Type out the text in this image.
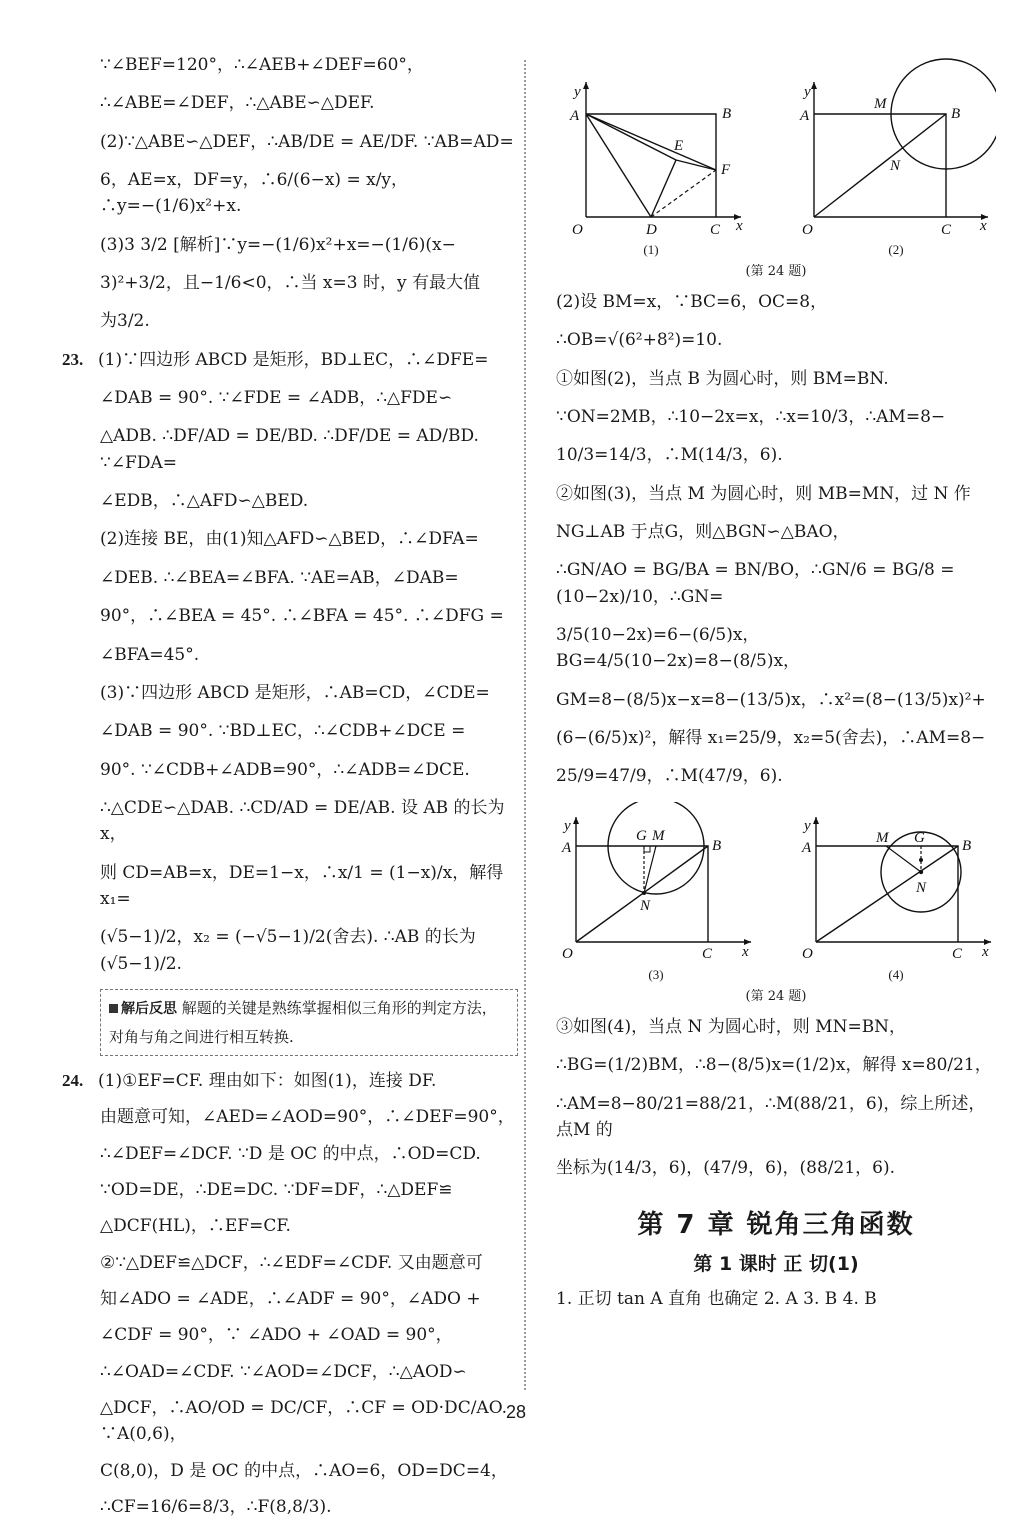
∵∠BEF=120°，∴∠AEB+∠DEF=60°，

∴∠ABE=∠DEF，∴△ABE∽△DEF.

(2)∵△ABE∽△DEF，∴AB/DE = AE/DF. ∵AB=AD=

6，AE=x，DF=y，∴6/(6−x) = x/y，∴y=−(1/6)x²+x.

(3)3 3/2 [解析]∵y=−(1/6)x²+x=−(1/6)(x−

3)²+3/2，且−1/6<0，∴当 x=3 时，y 有最大值

为3/2.

23. (1)∵四边形 ABCD 是矩形，BD⊥EC，∴∠DFE=

∠DAB = 90°. ∵∠FDE = ∠ADB，∴△FDE∽

△ADB. ∴DF/AD = DE/BD. ∴DF/DE = AD/BD. ∵∠FDA=

∠EDB，∴△AFD∽△BED.

(2)连接 BE，由(1)知△AFD∽△BED，∴∠DFA=

∠DEB. ∴∠BEA=∠BFA. ∵AE=AB，∠DAB=

90°，∴∠BEA = 45°. ∴∠BFA = 45°. ∴∠DFG =

∠BFA=45°.

(3)∵四边形 ABCD 是矩形，∴AB=CD，∠CDE=

∠DAB = 90°. ∵BD⊥EC，∴∠CDB+∠DCE =

90°. ∵∠CDB+∠ADB=90°，∴∠ADB=∠DCE.

∴△CDE∽△DAB. ∴CD/AD = DE/AB. 设 AB 的长为 x，

则 CD=AB=x，DE=1−x，∴x/1 = (1−x)/x，解得 x₁=

(√5−1)/2，x₂ = (−√5−1)/2(舍去). ∴AB 的长为(√5−1)/2.

解后反思 解题的关键是熟练掌握相似三角形的判定方法，对角与角之间进行相互转换.

24. (1)①EF=CF. 理由如下：如图(1)，连接 DF.

由题意可知，∠AED=∠AOD=90°，∴∠DEF=90°，

∴∠DEF=∠DCF. ∵D 是 OC 的中点，∴OD=CD.

∵OD=DE，∴DE=DC. ∵DF=DF，∴△DEF≌

△DCF(HL)，∴EF=CF.

②∵△DEF≌△DCF，∴∠EDF=∠CDF. 又由题意可

知∠ADO = ∠ADE，∴∠ADF = 90°，∠ADO +

∠CDF = 90°，∵ ∠ADO + ∠OAD = 90°，

∴∠OAD=∠CDF. ∵∠AOD=∠DCF，∴△AOD∽

△DCF，∴AO/OD = DC/CF，∴CF = OD·DC/AO. ∵A(0,6)，

C(8,0)，D 是 OC 的中点，∴AO=6，OD=DC=4，

∴CF=16/6=8/3，∴F(8,8/3).

y
A	B
E
F
O	D	C x
(1)
y
A
M
B
N
O	C x
(2)
(第 24 题)

(2)设 BM=x，∵BC=6，OC=8，

∴OB=√(6²+8²)=10.

①如图(2)，当点 B 为圆心时，则 BM=BN.

∵ON=2MB，∴10−2x=x，∴x=10/3，∴AM=8−

10/3=14/3，∴M(14/3，6).

②如图(3)，当点 M 为圆心时，则 MB=MN，过 N 作

NG⊥AB 于点G，则△BGN∽△BAO，

∴GN/AO = BG/BA = BN/BO，∴GN/6 = BG/8 = (10−2x)/10，∴GN=

3/5(10−2x)=6−(6/5)x，BG=4/5(10−2x)=8−(8/5)x，

GM=8−(8/5)x−x=8−(13/5)x，∴x²=(8−(13/5)x)²+

(6−(6/5)x)²，解得 x₁=25/9，x₂=5(舍去)，∴AM=8−

25/9=47/9，∴M(47/9，6).

y
A
G M
B
N
O	C x
(3)
y
A
M G B
N
O	C x
(4)
(第 24 题)

③如图(4)，当点 N 为圆心时，则 MN=BN，

∴BG=(1/2)BM，∴8−(8/5)x=(1/2)x，解得 x=80/21，

∴AM=8−80/21=88/21，∴M(88/21，6)，综上所述，点M 的

坐标为(14/3，6)，(47/9，6)，(88/21，6).

第 7 章 锐角三角函数
第 1 课时 正 切(1)

1. 正切 tan A 直角 也确定 2. A 3. B 4. B

28
